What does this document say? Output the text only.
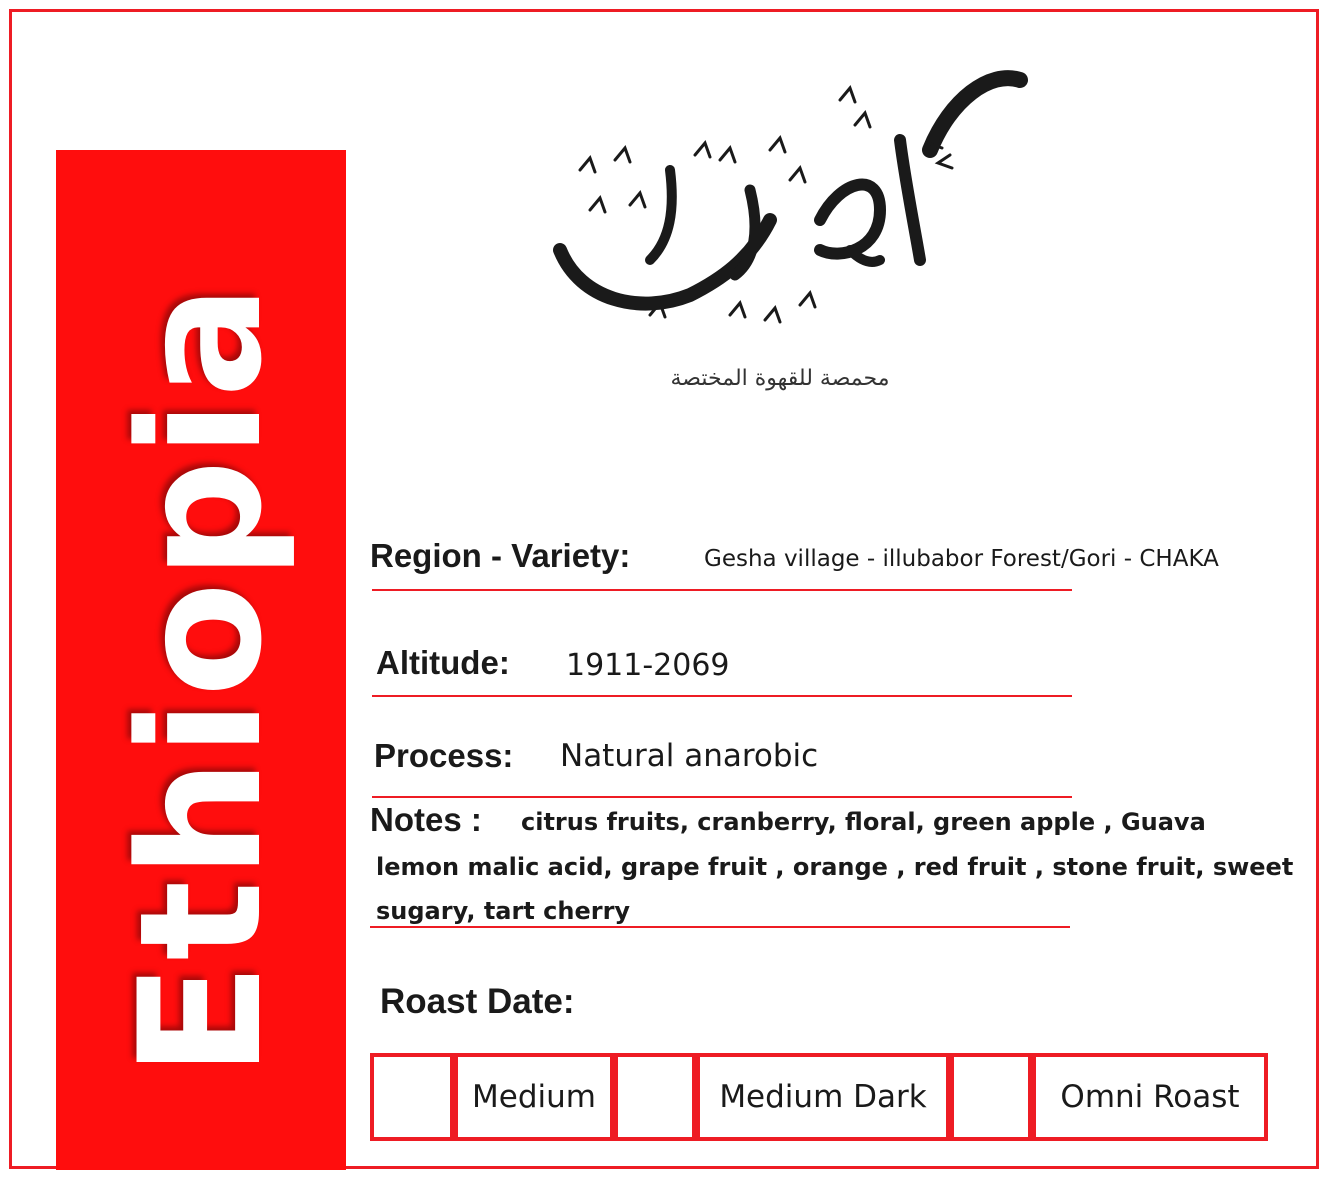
Ethiopia	محمصة للقهوة المختصة
Region - Variety:	Gesha village - illubabor Forest/Gori - CHAKA
Altitude: 1911-2069
Process: Natural anarobic
Notes : citrus fruits, cranberry, floral, green apple , Guava
lemon malic acid, grape fruit , orange , red fruit , stone fruit, sweet
sugary, tart cherry
Roast Date:
Medium	Medium Dark	Omni Roast
